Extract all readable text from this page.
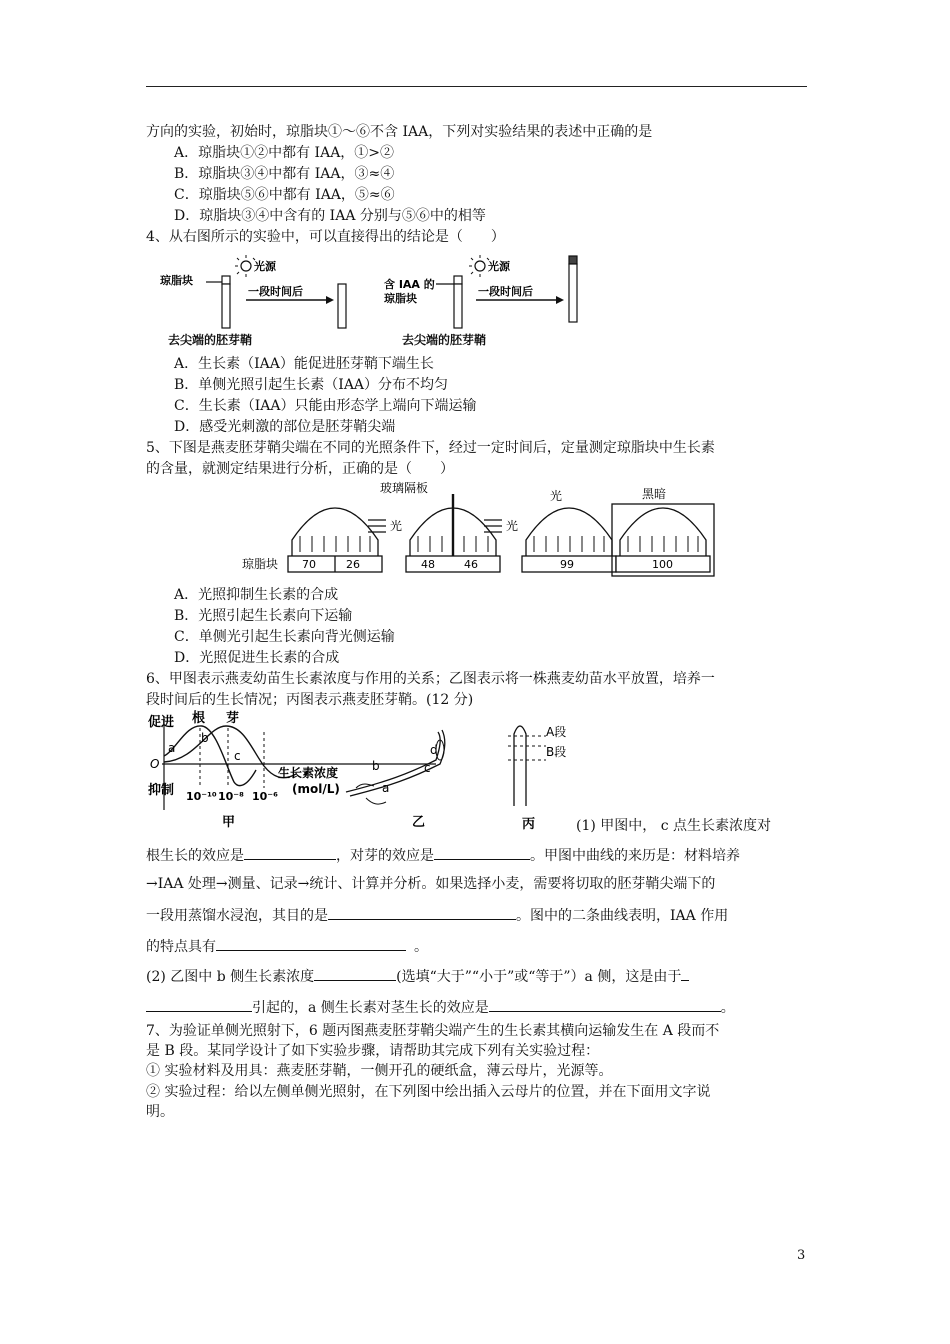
方向的实验，初始时，琼脂块①～⑥不含 IAA，下列对实验结果的表述中正确的是
A．琼脂块①②中都有 IAA，①>②
B．琼脂块③④中都有 IAA，③≈④
C．琼脂块⑤⑥中都有 IAA，⑤≈⑥
D．琼脂块③④中含有的 IAA 分别与⑤⑥中的相等
4、从右图所示的实验中，可以直接得出的结论是（　　）
琼脂块
光源
一段时间后
含 IAA 的
琼脂块
光源
一段时间后
去尖端的胚芽鞘	去尖端的胚芽鞘
A．生长素（IAA）能促进胚芽鞘下端生长
B．单侧光照引起生长素（IAA）分布不均匀
C．生长素（IAA）只能由形态学上端向下端运输
D．感受光刺激的部位是胚芽鞘尖端
5、下图是燕麦胚芽鞘尖端在不同的光照条件下，经过一定时间后，定量测定琼脂块中生长素
的含量，就测定结果进行分析，正确的是（　　）
玻璃隔板
光	黑暗
琼脂块 70	26
光
48	46
光
99	100
A．光照抑制生长素的合成
B．光照引起生长素向下运输
C．单侧光引起生长素向背光侧运输
D．光照促进生长素的合成
6、甲图表示燕麦幼苗生长素浓度与作用的关系；乙图表示将一株燕麦幼苗水平放置，培养一
段时间后的生长情况；丙图表示燕麦胚芽鞘。(12 分)
促进
O
抑制
根 芽
a
b
c
生长素浓度
(mol/L)
10⁻¹⁰ 10⁻⁸ 10⁻⁶
甲
a
b	c
d
乙
A段
B段
丙	(1) 甲图中， c 点生长素浓度对
根生长的效应是	，对芽的效应是	。甲图中曲线的来历是：材料培养
→IAA 处理→测量、记录→统计、计算并分析。如果选择小麦，需要将切取的胚芽鞘尖端下的
一段用蒸馏水浸泡，其目的是	。图中的二条曲线表明，IAA 作用
的特点具有	。
(2) 乙图中 b 侧生长素浓度	(选填“大于”“小于”或“等于”）a 侧，这是由于
引起的，a 侧生长素对茎生长的效应是	。
7、为验证单侧光照射下，6 题丙图燕麦胚芽鞘尖端产生的生长素其横向运输发生在 A 段而不
是 B 段。某同学设计了如下实验步骤，请帮助其完成下列有关实验过程：
① 实验材料及用具：燕麦胚芽鞘，一侧开孔的硬纸盒，薄云母片，光源等。
② 实验过程：给以左侧单侧光照射，在下列图中绘出插入云母片的位置，并在下面用文字说
明。
3
